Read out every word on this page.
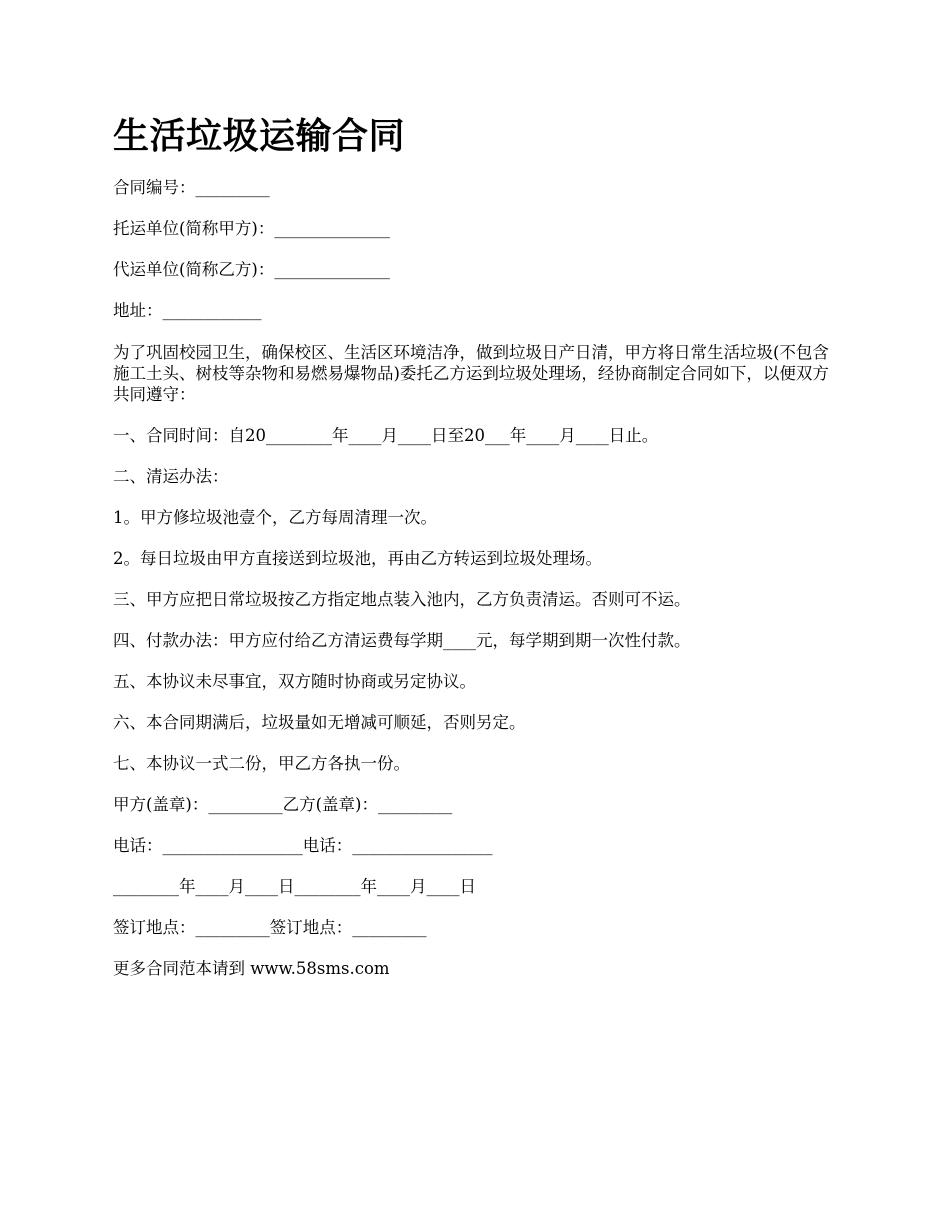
生活垃圾运输合同

合同编号：_________

托运单位(简称甲方)：______________

代运单位(简称乙方)：______________

地址：____________

为了巩固校园卫生，确保校区、生活区环境洁净，做到垃圾日产日清，甲方将日常生活垃圾(不包含施工土头、树枝等杂物和易燃易爆物品)委托乙方运到垃圾处理场，经协商制定合同如下，以便双方共同遵守：

一、合同时间：自20________年____月____日至20___年____月____日止。

二、清运办法：

1。甲方修垃圾池壹个，乙方每周清理一次。

2。每日垃圾由甲方直接送到垃圾池，再由乙方转运到垃圾处理场。

三、甲方应把日常垃圾按乙方指定地点装入池内，乙方负责清运。否则可不运。

四、付款办法：甲方应付给乙方清运费每学期____元，每学期到期一次性付款。

五、本协议未尽事宜，双方随时协商或另定协议。

六、本合同期满后，垃圾量如无增减可顺延，否则另定。

七、本协议一式二份，甲乙方各执一份。

甲方(盖章)：_________乙方(盖章)：_________

电话：_________________电话：_________________

________年____月____日________年____月____日

签订地点：_________签订地点：_________

更多合同范本请到 www.58sms.com
